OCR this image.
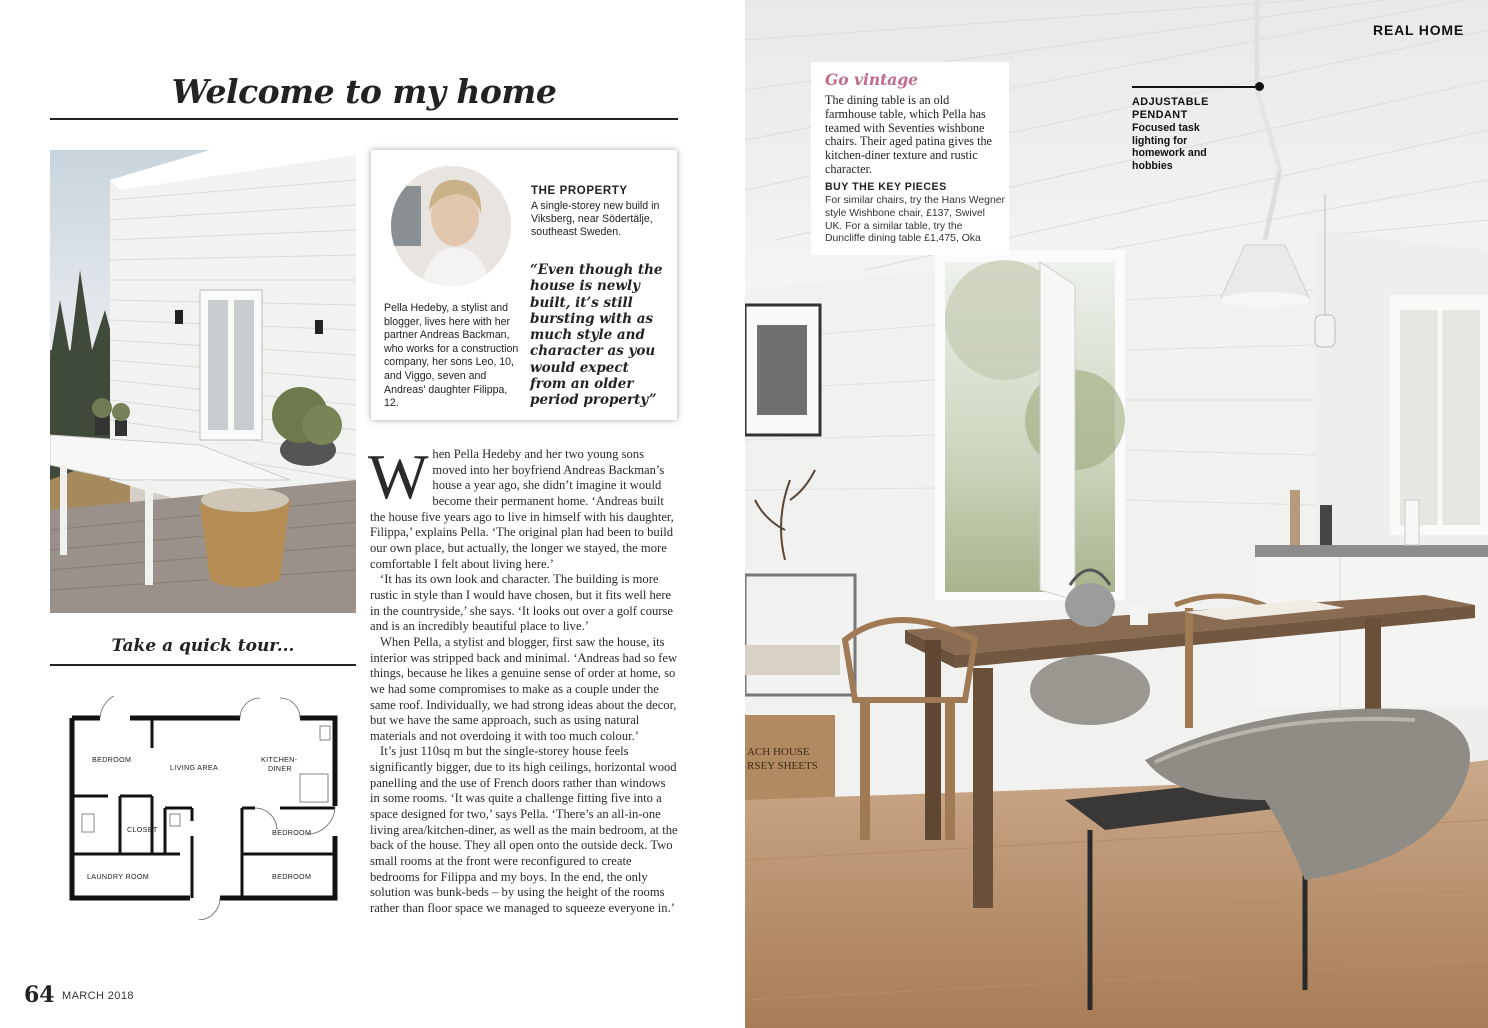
Welcome to my home

Pella Hedeby, a stylist and blogger, lives here with her partner Andreas Backman, who works for a construction company, her sons Leo, 10, and Viggo, seven and Andreas' daughter Filippa, 12.

THE PROPERTY

A single-storey new build in Viksberg, near Södertälje, southeast Sweden.

“Even though the house is newly built, it’s still bursting with as much style and character as you would expect from an older period property”

Take a quick tour...
BEDROOM
LIVING AREA
KITCHEN-
DINER
CLOSET	BEDROOM
LAUNDRY ROOM	BEDROOM

When Pella Hedeby and her two young sons moved into her boyfriend Andreas Backman’s house a year ago, she didn’t imagine it would become their permanent home. ‘Andreas built the house five years ago to live in himself with his daughter, Filippa,’ explains Pella. ‘The original plan had been to build our own place, but actually, the longer we stayed, the more comfortable I felt about living here.’

‘It has its own look and character. The building is more rustic in style than I would have chosen, but it fits well here in the countryside,’ she says. ‘It looks out over a golf course and is an incredibly beautiful place to live.’

When Pella, a stylist and blogger, first saw the house, its interior was stripped back and minimal. ‘Andreas had so few things, because he likes a genuine sense of order at home, so we had some compromises to make as a couple under the same roof. Individually, we had strong ideas about the decor, but we have the same approach, such as using natural materials and not overdoing it with too much colour.’

It’s just 110sq m but the single-storey house feels significantly bigger, due to its high ceilings, horizontal wood panelling and the use of French doors rather than windows in some rooms. ‘It was quite a challenge fitting five into a space designed for two,’ says Pella. ‘There’s an all-in-one living area/kitchen-diner, as well as the main bedroom, at the back of the house. They all open onto the outside deck. Two small rooms at the front were reconfigured to create bedrooms for Filippa and my boys. In the end, the only solution was bunk-beds – by using the height of the rooms rather than floor space we managed to squeeze everyone in.’

64 MARCH 2018
ACH HOUSE
RSEY SHEETS
REAL HOME
Go vintage

The dining table is an old farmhouse table, which Pella has teamed with Seventies wishbone chairs. Their aged patina gives the kitchen-diner texture and rustic character.

BUY THE KEY PIECES

For similar chairs, try the Hans Wegner style Wishbone chair, £137, Swivel UK. For a similar table, try the Duncliffe dining table £1,475, Oka

ADJUSTABLE PENDANT

Focused task lighting for homework and hobbies
